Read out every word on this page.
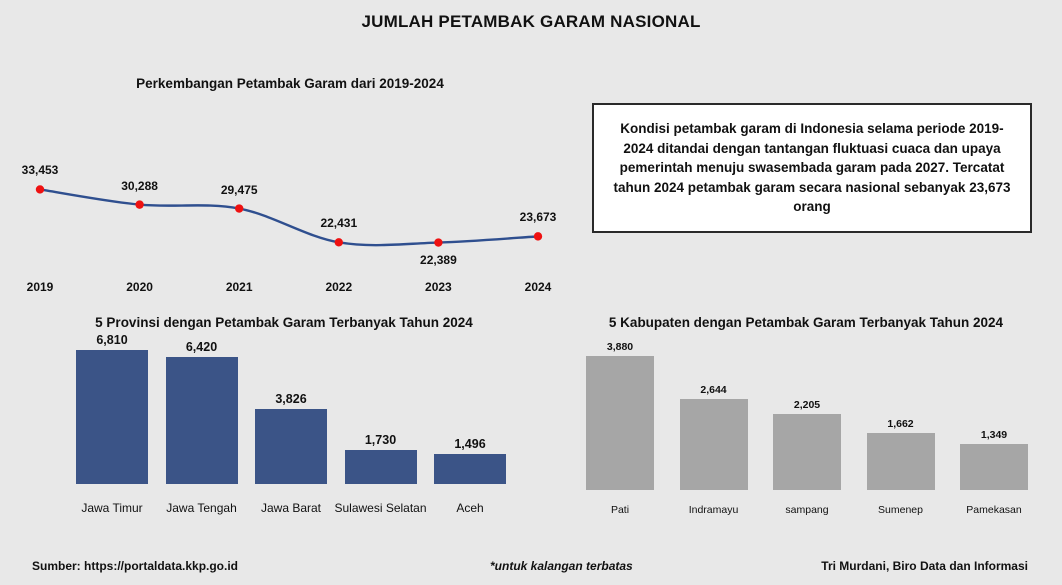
JUMLAH PETAMBAK GARAM NASIONAL
Perkembangan Petambak Garam dari 2019-2024
2019	2020	2021	2022	2023	2024
33,453
30,288	29,475
22,431
22,389
23,673
Kondisi petambak garam di Indonesia selama periode 2019-2024 ditandai dengan tantangan fluktuasi cuaca dan upaya pemerintah menuju swasembada garam pada 2027. Tercatat tahun 2024 petambak garam secara nasional sebanyak 23,673 orang
5 Provinsi dengan Petambak Garam Terbanyak Tahun 2024
6,810
Jawa Timur
6,420
Jawa Tengah
3,826
Jawa Barat
1,730
Sulawesi Selatan
1,496
Aceh
5 Kabupaten dengan Petambak Garam Terbanyak Tahun 2024
3,880
Pati
2,644
Indramayu
2,205
sampang
1,662
Sumenep
1,349
Pamekasan
Sumber: https://portaldata.kkp.go.id	*untuk kalangan terbatas	Tri Murdani, Biro Data dan Informasi
